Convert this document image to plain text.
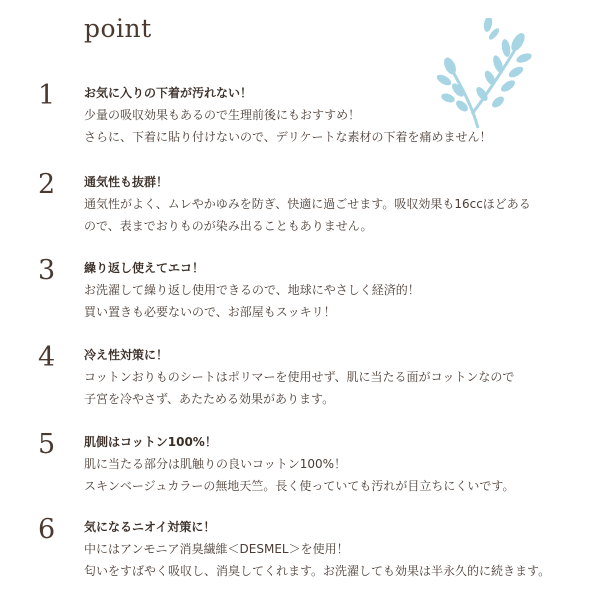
point
1	お気に入りの下着が汚れない！
少量の吸収効果もあるので生理前後にもおすすめ！
さらに、下着に貼り付けないので、デリケートな素材の下着を痛めません！
2	通気性も抜群！
通気性がよく、ムレやかゆみを防ぎ、快適に過ごせます。吸収効果も16ccほどある
ので、表までおりものが染み出ることもありません。
3	繰り返し使えてエコ！
お洗濯して繰り返し使用できるので、地球にやさしく経済的！
買い置きも必要ないので、お部屋もスッキリ！
4	冷え性対策に！
コットンおりものシートはポリマーを使用せず、肌に当たる面がコットンなので
子宮を冷やさず、あたためる効果があります。
5	肌側はコットン100%！
肌に当たる部分は肌触りの良いコットン100%！
スキンベージュカラーの無地天竺。長く使っていても汚れが目立ちにくいです。
6	気になるニオイ対策に！
中にはアンモニア消臭繊維＜DESMEL＞を使用！
匂いをすばやく吸収し、消臭してくれます。お洗濯しても効果は半永久的に続きます。
